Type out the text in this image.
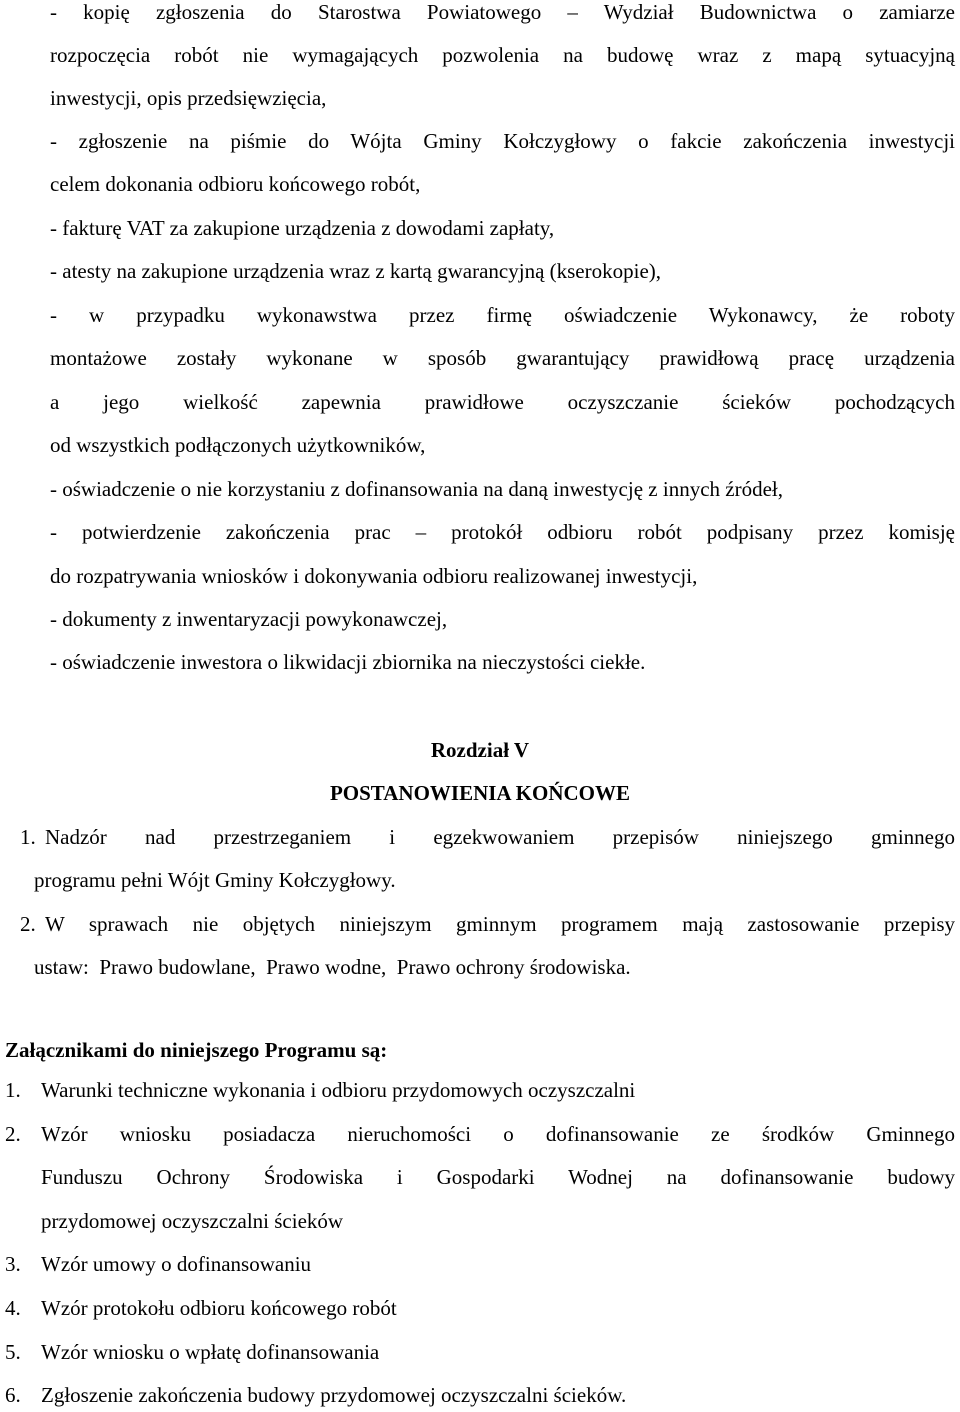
- kopię zgłoszenia do Starostwa Powiatowego – Wydział Budownictwa o zamiarze
rozpoczęcia robót nie wymagających pozwolenia na budowę wraz z mapą sytuacyjną
inwestycji, opis przedsięwzięcia,
- zgłoszenie na piśmie do Wójta Gminy Kołczygłowy o fakcie zakończenia inwestycji
celem dokonania odbioru końcowego robót,
- fakturę VAT za zakupione urządzenia z dowodami zapłaty,
- atesty na zakupione urządzenia wraz z kartą gwarancyjną (kserokopie),
- w przypadku wykonawstwa przez firmę oświadczenie Wykonawcy, że roboty
montażowe zostały wykonane w sposób gwarantujący prawidłową pracę urządzenia
a jego wielkość zapewnia prawidłowe oczyszczanie ścieków pochodzących
od wszystkich podłączonych użytkowników,
- oświadczenie o nie korzystaniu z dofinansowania na daną inwestycję z innych źródeł,
- potwierdzenie zakończenia prac – protokół odbioru robót podpisany przez komisję
do rozpatrywania wniosków i dokonywania odbioru realizowanej inwestycji,
- dokumenty z inwentaryzacji powykonawczej,
- oświadczenie inwestora o likwidacji zbiornika na nieczystości ciekłe.
Rozdział V
POSTANOWIENIA KOŃCOWE
1. Nadzór nad przestrzeganiem i egzekwowaniem przepisów niniejszego gminnego
programu pełni Wójt Gminy Kołczygłowy.
2. W sprawach nie objętych niniejszym gminnym programem mają zastosowanie przepisy
ustaw:  Prawo budowlane,  Prawo wodne,  Prawo ochrony środowiska.
Załącznikami do niniejszego Programu są:
1. Warunki techniczne wykonania i odbioru przydomowych oczyszczalni
2. Wzór wniosku posiadacza nieruchomości o dofinansowanie ze środków Gminnego
Funduszu Ochrony Środowiska i Gospodarki Wodnej na dofinansowanie budowy
przydomowej oczyszczalni ścieków
3. Wzór umowy o dofinansowaniu
4. Wzór protokołu odbioru końcowego robót
5. Wzór wniosku o wpłatę dofinansowania
6. Zgłoszenie zakończenia budowy przydomowej oczyszczalni ścieków.
